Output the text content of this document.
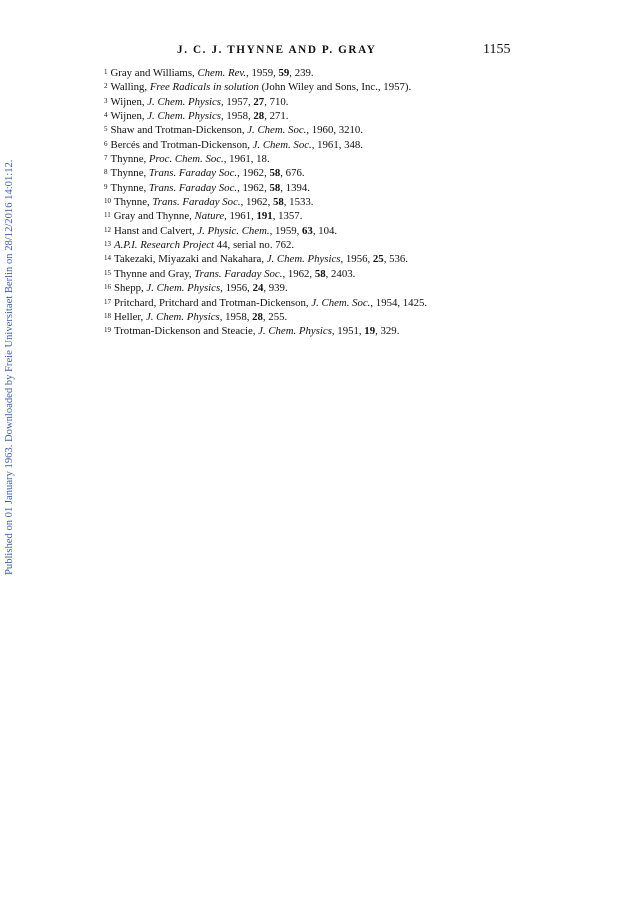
J. C. J. THYNNE AND P. GRAY	1155
Published on 01 January 1963. Downloaded by Freie Universitaet Berlin on 28/12/2016 14:01:12.
$^1$ Gray and Williams, Chem. Rev., 1959, 59, 239.
$^2$ Walling, Free Radicals in solution (John Wiley and Sons, Inc., 1957).
$^3$ Wijnen, J. Chem. Physics, 1957, 27, 710.
$^4$ Wijnen, J. Chem. Physics, 1958, 28, 271.
$^5$ Shaw and Trotman-Dickenson, J. Chem. Soc., 1960, 3210.
$^6$ Bercés and Trotman-Dickenson, J. Chem. Soc., 1961, 348.
$^7$ Thynne, Proc. Chem. Soc., 1961, 18.
$^8$ Thynne, Trans. Faraday Soc., 1962, 58, 676.
$^9$ Thynne, Trans. Faraday Soc., 1962, 58, 1394.
$^{10}$ Thynne, Trans. Faraday Soc., 1962, 58, 1533.
$^{11}$ Gray and Thynne, Nature, 1961, 191, 1357.
$^{12}$ Hanst and Calvert, J. Physic. Chem., 1959, 63, 104.
$^{13}$ A.P.I. Research Project 44, serial no. 762.
$^{14}$ Takezaki, Miyazaki and Nakahara, J. Chem. Physics, 1956, 25, 536.
$^{15}$ Thynne and Gray, Trans. Faraday Soc., 1962, 58, 2403.
$^{16}$ Shepp, J. Chem. Physics, 1956, 24, 939.
$^{17}$ Pritchard, Pritchard and Trotman-Dickenson, J. Chem. Soc., 1954, 1425.
$^{18}$ Heller, J. Chem. Physics, 1958, 28, 255.
$^{19}$ Trotman-Dickenson and Steacie, J. Chem. Physics, 1951, 19, 329.
